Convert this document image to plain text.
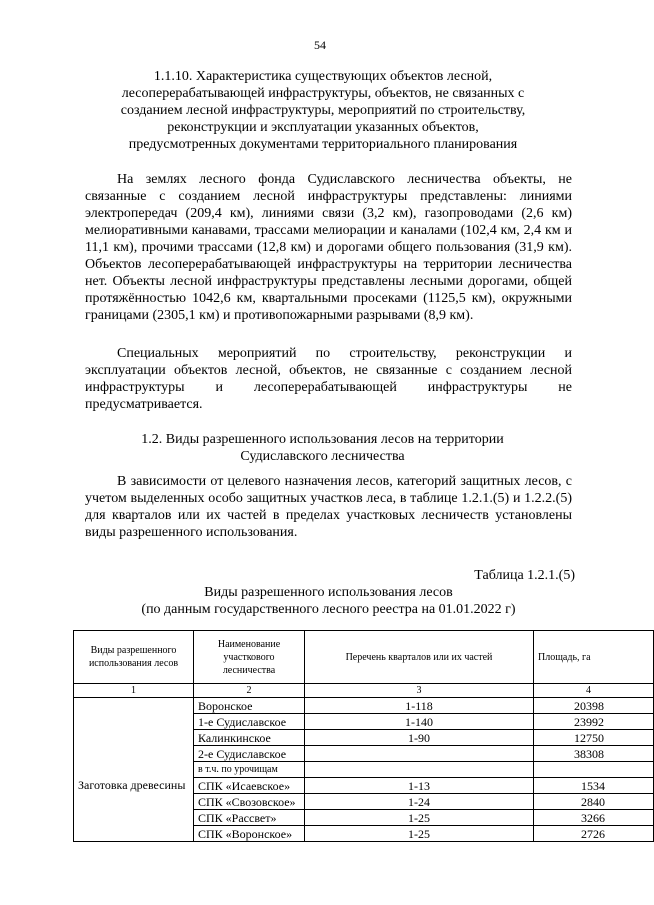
54
1.1.10. Характеристика существующих объектов лесной, лесоперерабатывающей инфраструктуры, объектов, не связанных с созданием лесной инфраструктуры, мероприятий по строительству, реконструкции и эксплуатации указанных объектов, предусмотренных документами территориального планирования
На землях лесного фонда Судиславского лесничества объекты, не связанные с созданием лесной инфраструктуры представлены: линиями электропередач (209,4 км), линиями связи (3,2 км), газопроводами (2,6 км) мелиоративными канавами, трассами мелиорации и каналами (102,4 км, 2,4 км и 11,1 км), прочими трассами (12,8 км) и дорогами общего пользования (31,9 км). Объектов лесоперерабатывающей инфраструктуры на территории лесничества нет. Объекты лесной инфраструктуры представлены лесными дорогами, общей протяжённостью 1042,6 км, квартальными просеками (1125,5 км), окружными границами (2305,1 км) и противопожарными разрывами (8,9 км).
Специальных мероприятий по строительству, реконструкции и эксплуатации объектов лесной, объектов, не связанные с созданием лесной инфраструктуры и лесоперерабатывающей инфраструктуры не предусматривается.
1.2. Виды разрешенного использования лесов на территории Судиславского лесничества
В зависимости от целевого назначения лесов, категорий защитных лесов, с учетом выделенных особо защитных участков леса, в таблице 1.2.1.(5) и 1.2.2.(5) для кварталов или их частей в пределах участковых лесничеств установлены виды разрешенного использования.
Таблица 1.2.1.(5)
Виды разрешенного использования лесов
(по данным государственного лесного реестра на 01.01.2022 г)
Виды разрешенного использования лесов	Наименование участкового лесничества	Перечень кварталов или их частей	Площадь, га
1	2	3	4
Заготовка древесины	Воронское	1-118	20398
	1-е Судиславское	1-140	23992
	Калинкинское	1-90	12750
	2-е Судиславское		38308
	в т.ч. по урочищам		
	СПК «Исаевское»	1-13	1534
	СПК «Свозовское»	1-24	2840
	СПК «Рассвет»	1-25	3266
	СПК «Воронское»	1-25	2726
